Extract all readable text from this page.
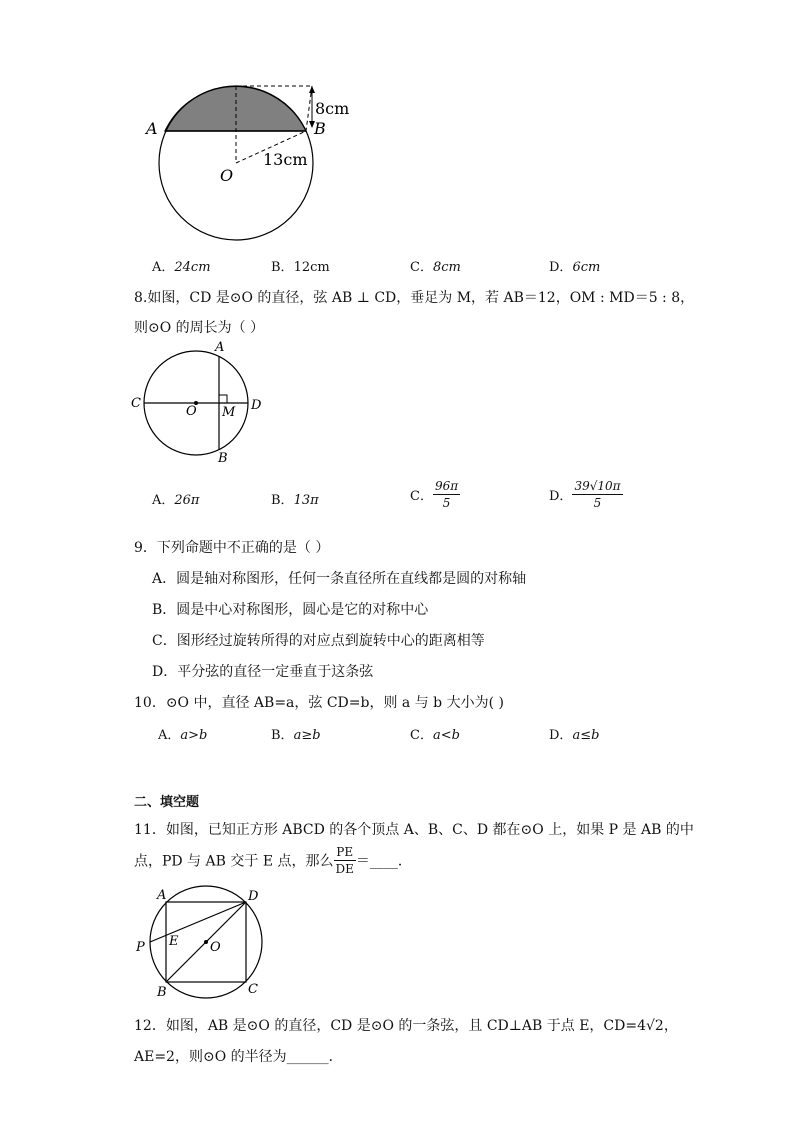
A	B
O
8cm
13cm
A．24cm	B．12cm	C．8cm	D．6cm
8.如图，CD 是⊙O 的直径，弦 AB ⊥ CD，垂足为 M，若 AB＝12，OM : MD＝5 : 8，
则⊙O 的周长为（ ）
A
B
C	D
O M
A．26π	B．13π	C． $\frac{96\pi}{5}$	D． $\frac{39√10\pi}{5}$
9．下列命题中不正确的是（ ）
A．圆是轴对称图形，任何一条直径所在直线都是圆的对称轴
B．圆是中心对称图形，圆心是它的对称中心
C．图形经过旋转所得的对应点到旋转中心的距离相等
D．平分弦的直径一定垂直于这条弦
10．⊙O 中，直径 AB=a，弦 CD=b，则 a 与 b 大小为( )
A．a>b	B．a≥b	C．a<b	D．a≤b
二、填空题
11．如图，已知正方形 ABCD 的各个顶点 A、B、C、D 都在⊙O 上，如果 P 是 AB 的中
点，PD 与 AB 交于 E 点，那么 $\frac{PE}{DE}$ ＝____．
A	D
P E O
B	C
12．如图，AB 是⊙O 的直径，CD 是⊙O 的一条弦，且 CD⊥AB 于点 E，CD=4√2，
AE=2，则⊙O 的半径为______．
